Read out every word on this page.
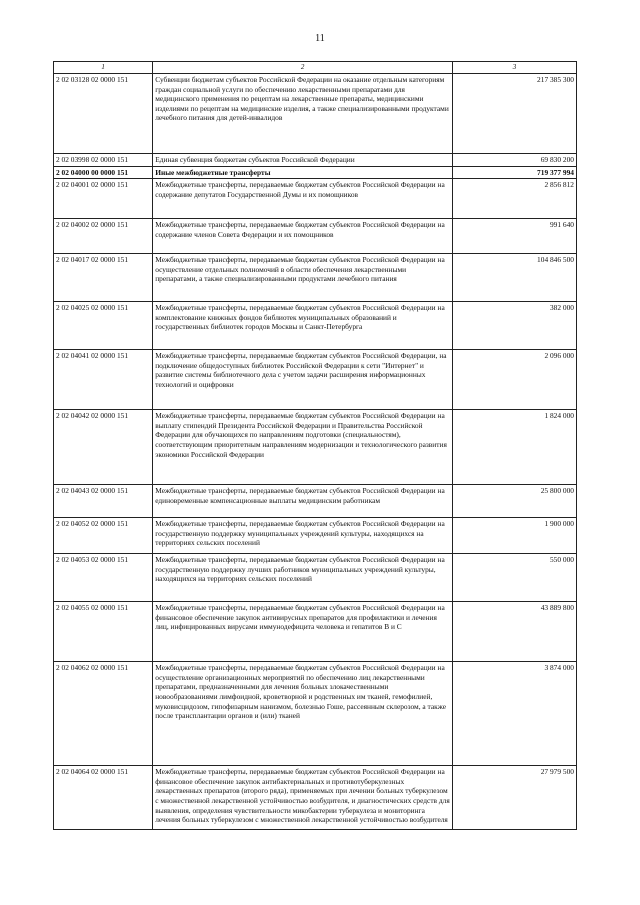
11
1	2	3
2 02 03128 02 0000 151	Субвенции бюджетам субъектов Российской Федерации на оказание отдельным категориям граждан социальной услуги по обеспечению лекарственными препаратами для медицинского применения по рецептам на лекарственные препараты, медицинскими изделиями по рецептам на медицинские изделия, а также специализированными продуктами лечебного питания для детей-инвалидов	217 385 300
2 02 03998 02 0000 151	Единая субвенция бюджетам субъектов Российской Федерации	69 830 200
2 02 04000 00 0000 151	Иные межбюджетные трансферты	719 377 994
2 02 04001 02 0000 151	Межбюджетные трансферты, передаваемые бюджетам субъектов Российской Федерации на содержание депутатов Государственной Думы и их помощников	2 856 812
2 02 04002 02 0000 151	Межбюджетные трансферты, передаваемые бюджетам субъектов Российской Федерации на содержание членов Совета Федерации и их помощников	991 640
2 02 04017 02 0000 151	Межбюджетные трансферты, передаваемые бюджетам субъектов Российской Федерации на осуществление отдельных полномочий в области обеспечения лекарственными препаратами, а также специализированными продуктами лечебного питания	104 846 500
2 02 04025 02 0000 151	Межбюджетные трансферты, передаваемые бюджетам субъектов Российской Федерации на комплектование книжных фондов библиотек муниципальных образований и государственных библиотек городов Москвы и Санкт-Петербурга	382 000
2 02 04041 02 0000 151	Межбюджетные трансферты, передаваемые бюджетам субъектов Российской Федерации, на подключение общедоступных библиотек Российской Федерации к сети "Интернет" и развитие системы библиотечного дела с учетом задачи расширения информационных технологий и оцифровки	2 096 000
2 02 04042 02 0000 151	Межбюджетные трансферты, передаваемые бюджетам субъектов Российской Федерации на выплату стипендий Президента Российской Федерации и Правительства Российской Федерации для обучающихся по направлениям подготовки (специальностям), соответствующим приоритетным направлениям модернизации и технологического развития экономики Российской Федерации	1 824 000
2 02 04043 02 0000 151	Межбюджетные трансферты, передаваемые бюджетам субъектов Российской Федерации на единовременные компенсационные выплаты медицинским работникам	25 800 000
2 02 04052 02 0000 151	Межбюджетные трансферты, передаваемые бюджетам субъектов Российской Федерации на государственную поддержку муниципальных учреждений культуры, находящихся на территориях сельских поселений	1 900 000
2 02 04053 02 0000 151	Межбюджетные трансферты, передаваемые бюджетам субъектов Российской Федерации на государственную поддержку лучших работников муниципальных учреждений культуры, находящихся на территориях сельских поселений	550 000
2 02 04055 02 0000 151	Межбюджетные трансферты, передаваемые бюджетам субъектов Российской Федерации на финансовое обеспечение закупок антивирусных препаратов для профилактики и лечения лиц, инфицированных вирусами иммунодефицита человека и гепатитов В и С	43 889 800
2 02 04062 02 0000 151	Межбюджетные трансферты, передаваемые бюджетам субъектов Российской Федерации на осуществление организационных мероприятий по обеспечению лиц лекарственными препаратами, предназначенными для лечения больных злокачественными новообразованиями лимфоидной, кроветворной и родственных им тканей, гемофилией, муковисцидозом, гипофизарным нанизмом, болезнью Гоше, рассеянным склерозом, а также после трансплантации органов и (или) тканей	3 874 000
2 02 04064 02 0000 151	Межбюджетные трансферты, передаваемые бюджетам субъектов Российской Федерации на финансовое обеспечение закупок антибактериальных и противотуберкулезных лекарственных препаратов (второго ряда), применяемых при лечении больных туберкулезом с множественной лекарственной устойчивостью возбудителя, и диагностических средств для выявления, определения чувствительности микобактерии туберкулеза и мониторинга лечения больных туберкулезом с множественной лекарственной устойчивостью возбудителя	27 979 500
